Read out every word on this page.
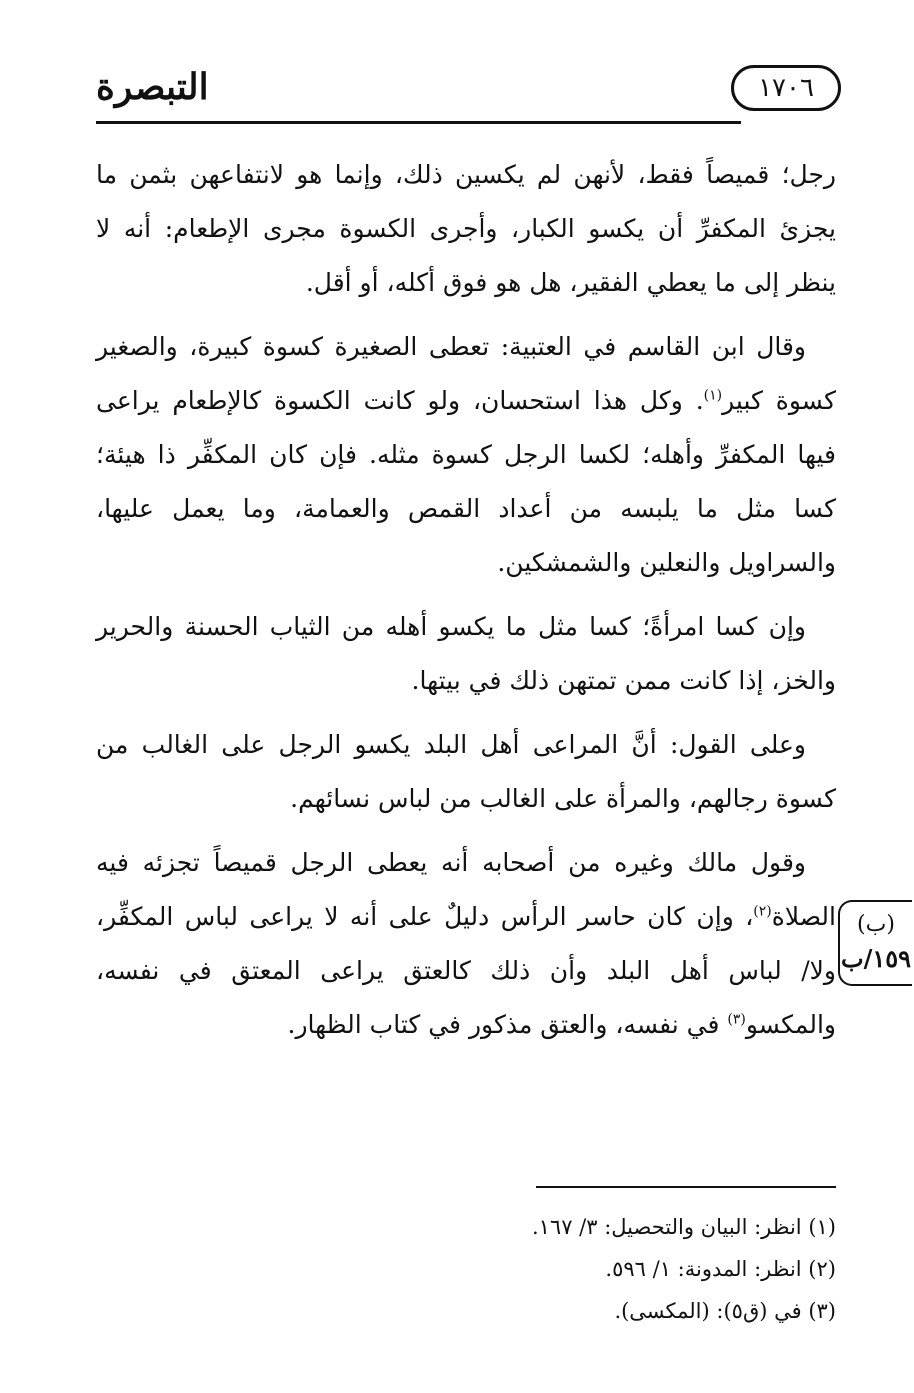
التبصرة	١٧٠٦

رجل؛ قميصاً فقط، لأنهن لم يكسين ذلك، وإنما هو لانتفاعهن بثمن ما يجزئ المكفرِّ أن يكسو الكبار، وأجرى الكسوة مجرى الإطعام: أنه لا ينظر إلى ما يعطي الفقير، هل هو فوق أكله، أو أقل.

وقال ابن القاسم في العتبية: تعطى الصغيرة كسوة كبيرة، والصغير كسوة كبير$^{(١)}$. وكل هذا استحسان، ولو كانت الكسوة كالإطعام يراعى فيها المكفرِّ وأهله؛ لكسا الرجل كسوة مثله. فإن كان المكفِّر ذا هيئة؛ كسا مثل ما يلبسه من أعداد القمص والعمامة، وما يعمل عليها، والسراويل والنعلين والشمشكين.

وإن كسا امرأةً؛ كسا مثل ما يكسو أهله من الثياب الحسنة والحرير والخز، إذا كانت ممن تمتهن ذلك في بيتها.

وعلى القول: أنَّ المراعى أهل البلد يكسو الرجل على الغالب من كسوة رجالهم، والمرأة على الغالب من لباس نسائهم.

وقول مالك وغيره من أصحابه أنه يعطى الرجل قميصاً تجزئه فيه الصلاة$^{(٢)}$، وإن كان حاسر الرأس دليلٌ على أنه لا يراعى لباس المكفِّر، ولا/ لباس أهل البلد وأن ذلك كالعتق يراعى المعتق في نفسه، والمكسو$^{(٣)}$ في نفسه، والعتق مذكور في كتاب الظهار.

(ب)
١٥٩/ب
(١) انظر: البيان والتحصيل: ٣/ ١٦٧.
(٢) انظر: المدونة: ١/ ٥٩٦.
(٣) في (ق٥): (المكسى).
